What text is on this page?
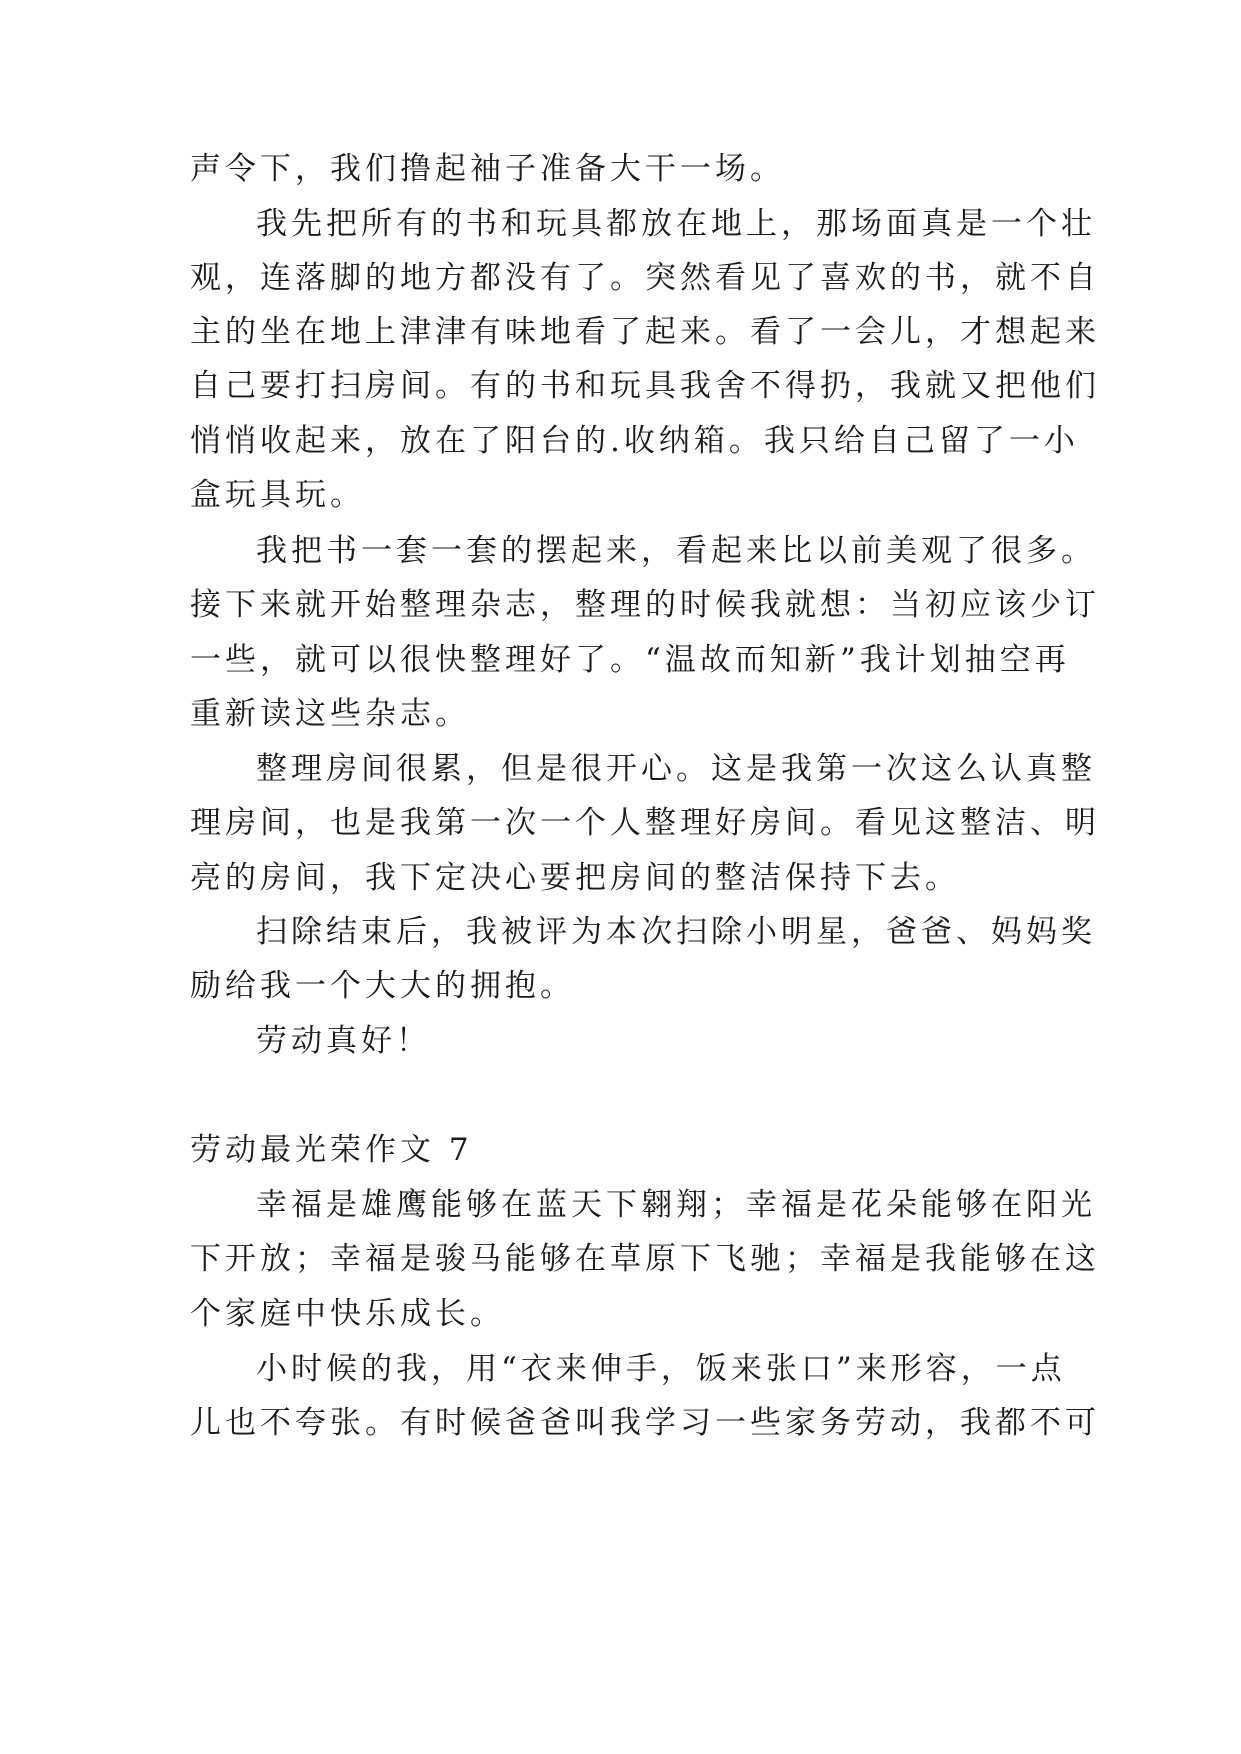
声令下，我们撸起袖子准备大干一场。
我先把所有的书和玩具都放在地上，那场面真是一个壮
观，连落脚的地方都没有了。突然看见了喜欢的书，就不自
主的坐在地上津津有味地看了起来。看了一会儿，才想起来
自己要打扫房间。有的书和玩具我舍不得扔，我就又把他们
悄悄收起来，放在了阳台的.收纳箱。我只给自己留了一小
盒玩具玩。
我把书一套一套的摆起来，看起来比以前美观了很多。
接下来就开始整理杂志，整理的时候我就想：当初应该少订
一些，就可以很快整理好了。“温故而知新”我计划抽空再
重新读这些杂志。
整理房间很累，但是很开心。这是我第一次这么认真整
理房间，也是我第一次一个人整理好房间。看见这整洁、明
亮的房间，我下定决心要把房间的整洁保持下去。
扫除结束后，我被评为本次扫除小明星，爸爸、妈妈奖
励给我一个大大的拥抱。
劳动真好！
劳动最光荣作文 7
幸福是雄鹰能够在蓝天下翱翔；幸福是花朵能够在阳光
下开放；幸福是骏马能够在草原下飞驰；幸福是我能够在这
个家庭中快乐成长。
小时候的我，用“衣来伸手，饭来张口”来形容，一点
儿也不夸张。有时候爸爸叫我学习一些家务劳动，我都不可
